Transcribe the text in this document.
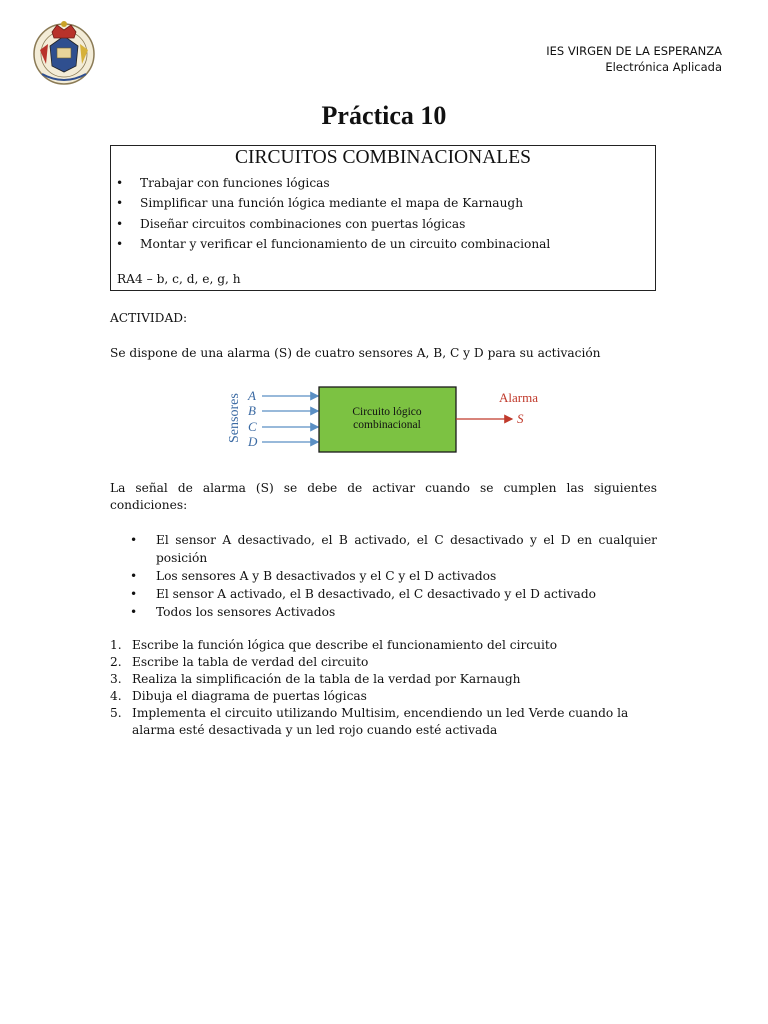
IES VIRGEN DE LA ESPERANZA
Electrónica Aplicada
Práctica 10
CIRCUITOS COMBINACIONALES
• Trabajar con funciones lógicas
• Simplificar una función lógica mediante el mapa de Karnaugh
• Diseñar circuitos combinaciones con puertas lógicas
• Montar y verificar el funcionamiento de un circuito combinacional
RA4 – b, c, d, e, g, h
ACTIVIDAD:
Se dispone de una alarma (S) de cuatro sensores A, B, C y D para su activación
Sensores A
B
C
D
Circuito lógico
combinacional
Alarma
S
La señal de alarma (S) se debe de activar cuando se cumplen las siguientes
condiciones:
• El sensor A desactivado, el B activado, el C desactivado y el D en cualquier posición
• Los sensores A y B desactivados y el C y el D activados
• El sensor A activado, el B desactivado, el C desactivado y el D activado
• Todos los sensores Activados
1. Escribe la función lógica que describe el funcionamiento del circuito
2. Escribe la tabla de verdad del circuito
3. Realiza la simplificación de la tabla de la verdad por Karnaugh
4. Dibuja el diagrama de puertas lógicas
5. Implementa el circuito utilizando Multisim, encendiendo un led Verde cuando la alarma esté desactivada y un led rojo cuando esté activada
